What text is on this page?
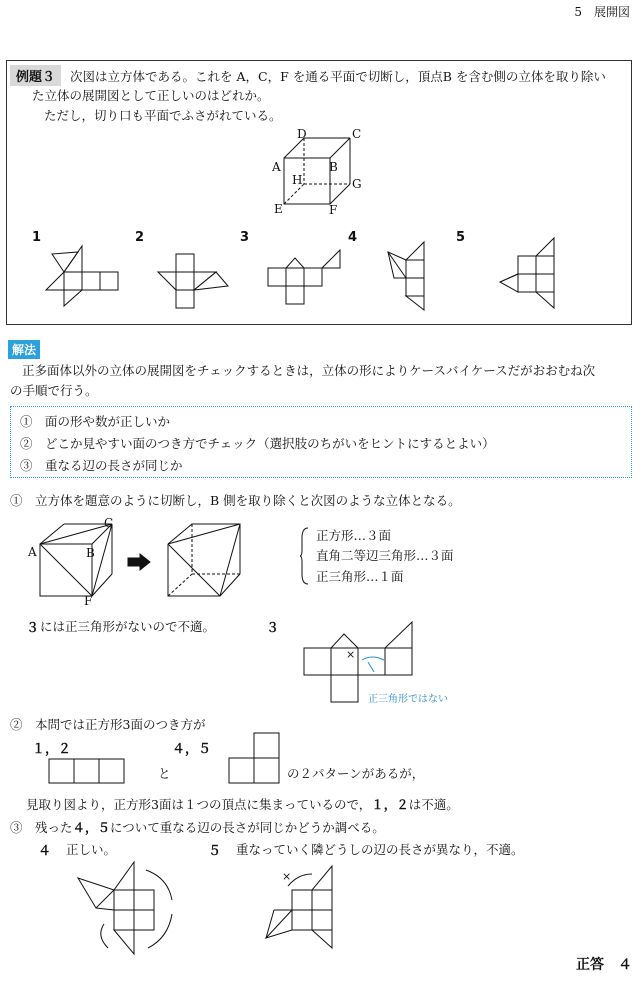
5　展開図
例題３	次図は立方体である。これを A，C，F を通る平面で切断し，頂点B を含む側の立体を取り除い
た立体の展開図として正しいのはどれか。
ただし，切り口も平面でふさがれている。
D	C
A	B
H	G
E	F
1	2	3	4	5
解法
正多面体以外の立体の展開図をチェックするときは，立体の形によりケースバイケースだがおおむね次
の手順で行う。
①　面の形や数が正しいか
②　どこか見やすい面のつき方でチェック（選択肢のちがいをヒントにするとよい）
③　重なる辺の長さが同じか
①　立方体を題意のように切断し，B 側を取り除くと次図のような立体となる。
A	B
C
F
正方形…３面
直角二等辺三角形…３面
正三角形…１面
３ には正三角形がないので不適。	３
×
正三角形ではない
②　本問では正方形3面のつき方が
１，２	４，５
と	の２パターンがあるが，
見取り図より，正方形3面は１つの頂点に集まっているので，１，２は不適。
③　残った４，５について重なる辺の長さが同じかどうか調べる。
４ 正しい。	５ 重なっていく隣どうしの辺の長さが異なり，不適。
×
正答　 ４
